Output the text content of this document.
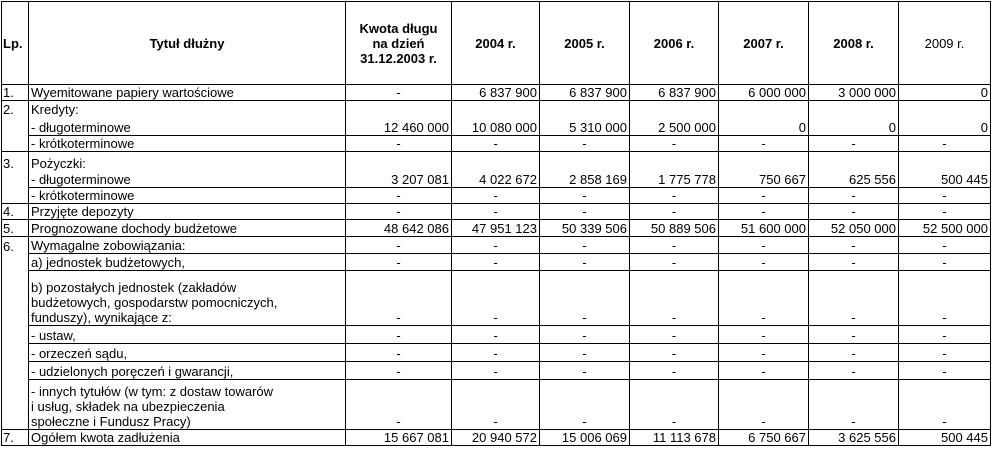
Lp.	Tytuł dłużny	Kwota długu
na dzień
31.12.2003 r.	2004 r.	2005 r.	2006 r.	2007 r.	2008 r.	2009 r.
1.	Wyemitowane papiery wartościowe	-	6 837 900	6 837 900	6 837 900	6 000 000	3 000 000	0
2.	Kredyty:							
	- długoterminowe	12 460 000	10 080 000	5 310 000	2 500 000	0	0	0
	- krótkoterminowe	-	-	-	-	-	-	-
3.	Pożyczki:							
	- długoterminowe	3 207 081	4 022 672	2 858 169	1 775 778	750 667	625 556	500 445
	- krótkoterminowe	-	-	-	-	-	-	-
4.	Przyjęte depozyty	-	-	-	-	-	-	-
5.	Prognozowane dochody budżetowe	48 642 086	47 951 123	50 339 506	50 889 506	51 600 000	52 050 000	52 500 000
6.	Wymagalne zobowiązania:	-	-	-	-	-	-	-
	a) jednostek budżetowych,	-	-	-	-	-	-	-
	b) pozostałych jednostek (zakładów
budżetowych, gospodarstw pomocniczych,
funduszy), wynikające z:	-	-	-	-	-	-	-
	- ustaw,	-	-	-	-	-	-	-
	- orzeczeń sądu,	-	-	-	-	-	-	-
	- udzielonych poręczeń i gwarancji,	-	-	-	-	-	-	-
	- innych tytułów (w tym: z dostaw towarów
i usług, składek na ubezpieczenia
społeczne i Fundusz Pracy)	-	-	-	-	-	-	-
7.	Ogółem kwota zadłużenia	15 667 081	20 940 572	15 006 069	11 113 678	6 750 667	3 625 556	500 445
